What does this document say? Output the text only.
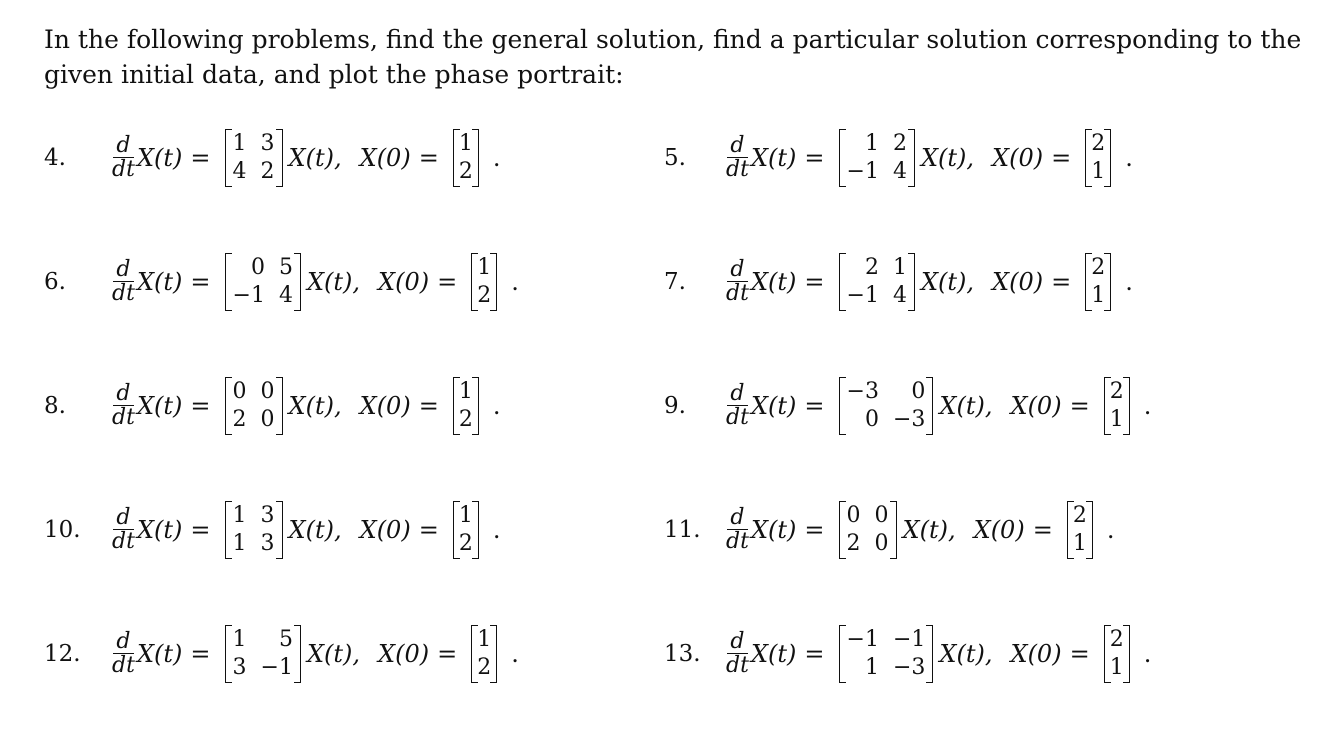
In the following problems, find the general solution, find a particular solution corresponding to the given initial data, and plot the phase portrait:

4.	$\frac{d}{dt} X(t)$ =
1 3
4 2 X(t), X(0) =
1
2 .	5.	$\frac{d}{dt} X(t)$ =
1 2
−1 4 X(t), X(0) =
2
1 .
6.	$\frac{d}{dt} X(t)$ =
0 5
−1 4 X(t), X(0) =
1
2 .	7.	$\frac{d}{dt} X(t)$ =
2 1
−1 4 X(t), X(0) =
2
1 .
8.	$\frac{d}{dt} X(t)$ =
0 0
2 0 X(t), X(0) =
1
2 .	9.	$\frac{d}{dt} X(t)$ =
−3	0
0 −3 X(t), X(0) =
2
1 .
10.	$\frac{d}{dt} X(t)$ =
1 3
1 3 X(t), X(0) =
1
2 .	11.	$\frac{d}{dt} X(t)$ =
0 0
2 0 X(t), X(0) =
2
1 .
12.	$\frac{d}{dt} X(t)$ =
1	5
3 −1 X(t), X(0) =
1
2 .	13.	$\frac{d}{dt} X(t)$ =
−1 −1
1 −3 X(t), X(0) =
2
1 .
